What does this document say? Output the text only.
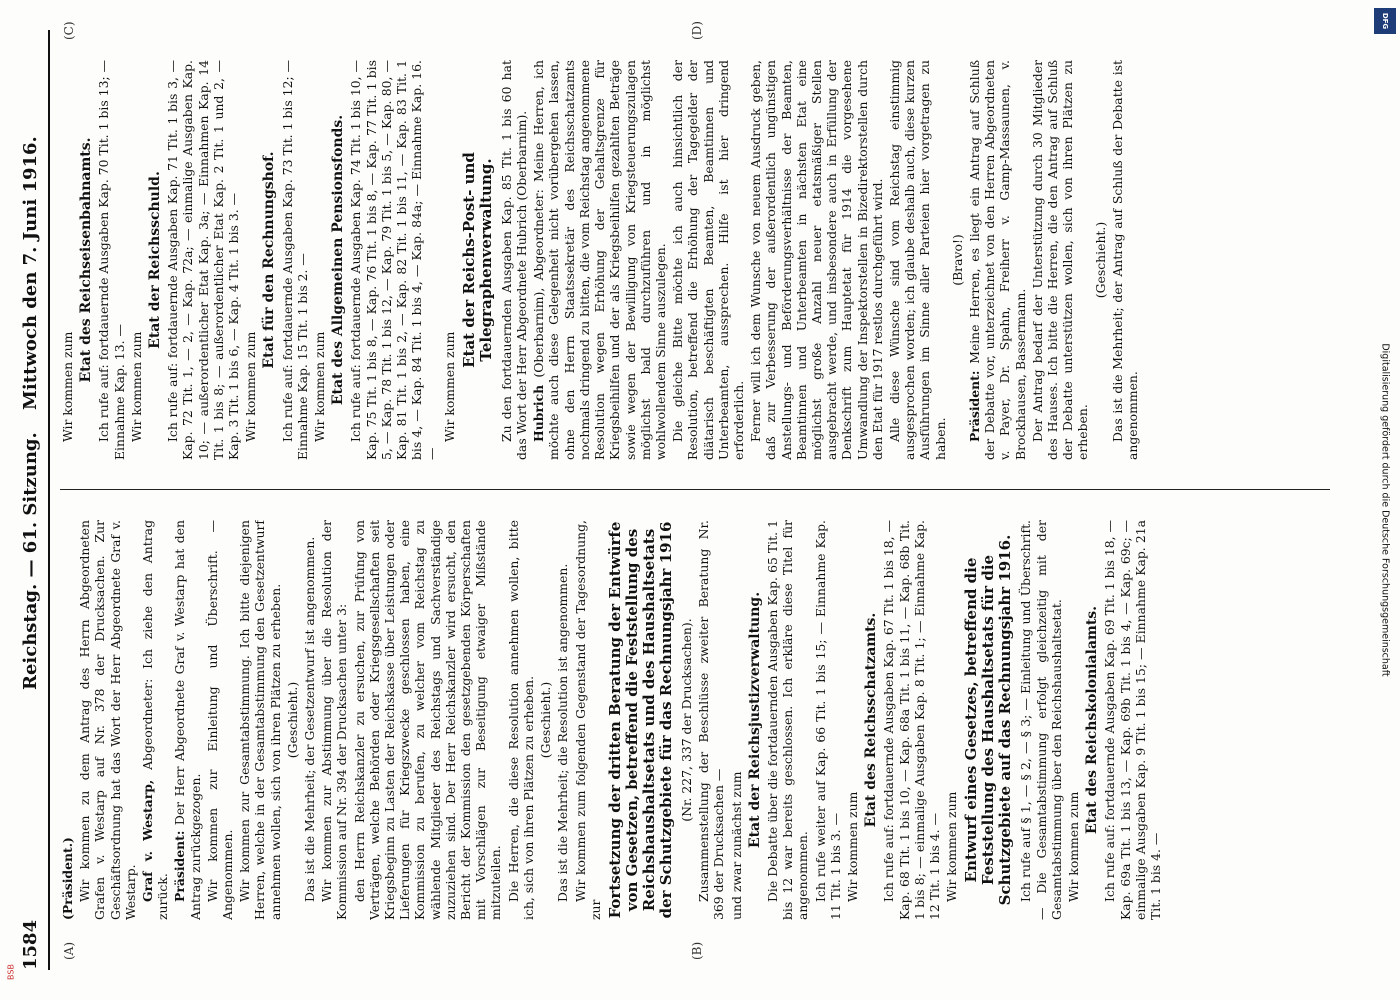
1584
Reichstag. — 61. Sitzung.
Mittwoch den 7. Juni 1916.
(A)	(B)
(C)	(D)

(Präsident.) Wir kommen zu dem Antrag des Herrn Abgeordneten Grafen v. Westarp auf Nr. 378 der Drucksachen. Zur Geschäftsordnung hat das Wort der Herr Abgeordnete Graf v. Westarp. Graf v. Westarp, Abgeordneter: Ich ziehe den Antrag zurück. Präsident: Der Herr Abgeordnete Graf v. Westarp hat den Antrag zurückgezogen. Wir kommen zur Einleitung und Überschrift. — Angenommen. Wir kommen zur Gesamtabstimmung. Ich bitte diejenigen Herren, welche in der Gesamtabstimmung den Gesetzentwurf annehmen wollen, sich von ihren Plätzen zu erheben. (Geschieht.) Das ist die Mehrheit; der Gesetzentwurf ist angenommen. Wir kommen zur Abstimmung über die Resolution der Kommission auf Nr. 394 der Drucksachen unter 3: den Herrn Reichskanzler zu ersuchen, zur Prüfung von Verträgen, welche Behörden oder Kriegsgesellschaften seit Kriegsbeginn zu Lasten der Reichskasse über Leistungen oder Lieferungen für Kriegszwecke geschlossen haben, eine Kommission zu berufen, zu welcher vom Reichstag zu wählende Mitglieder des Reichstags und Sachverständige zuzuziehen sind. Der Herr Reichskanzler wird ersucht, den Bericht der Kommission den gesetzgebenden Körperschaften mit Vorschlägen zur Beseitigung etwaiger Mißstände mitzuteilen. Die Herren, die diese Resolution annehmen wollen, bitte ich, sich von ihren Plätzen zu erheben. (Geschieht.) Das ist die Mehrheit; die Resolution ist angenommen. Wir kommen zum folgenden Gegenstand der Tagesordnung, zur Fortsetzung der dritten Beratung der Entwürfe von Gesetzen, betreffend die Feststellung des Reichshaushaltsetats und des Haushaltsetats der Schutzgebiete für das Rechnungsjahr 1916 (Nr. 227, 337 der Drucksachen). Zusammenstellung der Beschlüsse zweiter Beratung Nr. 369 der Drucksachen — und zwar zunächst zum Etat der Reichsjustizverwaltung. Die Debatte über die fortdauernden Ausgaben Kap. 65 Tit. 1 bis 12 war bereits geschlossen. Ich erkläre diese Titel für angenommen. Ich rufe weiter auf Kap. 66 Tit. 1 bis 15; — Einnahme Kap. 11 Tit. 1 bis 3. — Wir kommen zum

Etat des Reichsschatzamts. Ich rufe auf: fortdauernde Ausgaben Kap. 67 Tit. 1 bis 18, — Kap. 68 Tit. 1 bis 10, — Kap. 68a Tit. 1 bis 11, — Kap. 68b Tit. 1 bis 8; — einmalige Ausgaben Kap. 8 Tit. 1; — Einnahme Kap. 12 Tit. 1 bis 4. — Wir kommen zum Entwurf eines Gesetzes, betreffend die Feststellung des Haushaltsetats für die Schutzgebiete auf das Rechnungsjahr 1916. Ich rufe auf § 1, — § 2, — § 3; — Einleitung und Überschrift. — Die Gesamtabstimmung erfolgt gleichzeitig mit der Gesamtabstimmung über den Reichshaushaltsetat. Wir kommen zum

Etat des Reichskolonialamts. Ich rufe auf: fortdauernde Ausgaben Kap. 69 Tit. 1 bis 18, — Kap. 69a Tit. 1 bis 13, — Kap. 69b Tit. 1 bis 4, — Kap. 69c; — einmalige Ausgaben Kap. 9 Tit. 1 bis 15; — Einnahme Kap. 21a Tit. 1 bis 4. —

Wir kommen zum

Etat des Reichseisenbahnamts. Ich rufe auf: fortdauernde Ausgaben Kap. 70 Tit. 1 bis 13; — Einnahme Kap. 13. — Wir kommen zum

Etat der Reichsschuld. Ich rufe auf: fortdauernde Ausgaben Kap. 71 Tit. 1 bis 3, — Kap. 72 Tit. 1, — 2, — Kap. 72a; — einmalige Ausgaben Kap. 10; — außerordentlicher Etat Kap. 3a; — Einnahmen Kap. 14 Tit. 1 bis 8; — außerordentlicher Etat Kap. 2 Tit. 1 und 2, — Kap. 3 Tit. 1 bis 6, — Kap. 4 Tit. 1 bis 3. — Wir kommen zum

Etat für den Rechnungshof. Ich rufe auf: fortdauernde Ausgaben Kap. 73 Tit. 1 bis 12; — Einnahme Kap. 15 Tit. 1 bis 2. — Wir kommen zum Etat des Allgemeinen Pensionsfonds. Ich rufe auf: fortdauernde Ausgaben Kap. 74 Tit. 1 bis 10, — Kap. 75 Tit. 1 bis 8, — Kap. 76 Tit. 1 bis 8, — Kap. 77 Tit. 1 bis 5, — Kap. 78 Tit. 1 bis 12, — Kap. 79 Tit. 1 bis 5, — Kap. 80, — Kap. 81 Tit. 1 bis 2, — Kap. 82 Tit. 1 bis 11, — Kap. 83 Tit. 1 bis 4, — Kap. 84 Tit. 1 bis 4, — Kap. 84a; — Einnahme Kap. 16. —

Wir kommen zum

Etat der Reichs-Post- und Telegraphenverwaltung. Zu den fortdauernden Ausgaben Kap. 85 Tit. 1 bis 60 hat das Wort der Herr Abgeordnete Hubrich (Oberbarnim). Hubrich (Oberbarnim), Abgeordneter: Meine Herren, ich möchte auch diese Gelegenheit nicht vorübergehen lassen, ohne den Herrn Staatssekretär des Reichsschatzamts nochmals dringend zu bitten, die vom Reichstag angenommene Resolution wegen Erhöhung der Gehaltsgrenze für Kriegsbeihilfen und der als Kriegsbeihilfen gezahlten Beträge sowie wegen der Bewilligung von Kriegsteuerungszulagen möglichst bald durchzuführen und in möglichst wohlwollendem Sinne auszulegen. Die gleiche Bitte möchte ich auch hinsichtlich der Resolution, betreffend die Erhöhung der Tagegelder der diätarisch beschäftigten Beamten, Beamtinnen und Unterbeamten, aussprechen. Hilfe ist hier dringend erforderlich. Ferner will ich dem Wunsche von neuem Ausdruck geben, daß zur Verbesserung der außerordentlich ungünstigen Anstellungs- und Beförderungsverhältnisse der Beamten, Beamtinnen und Unterbeamten in nächsten Etat eine möglichst große Anzahl neuer etatsmäßiger Stellen ausgebracht werde, und insbesondere auch in Erfüllung der Denkschrift zum Hauptetat für 1914 die vorgesehene Umwandlung der Inspektorstellen in Bizedirektorstellen durch den Etat für 1917 restlos durchgeführt wird. Alle diese Wünsche sind vom Reichstag einstimmig ausgesprochen worden; ich glaube deshalb auch, diese kurzen Ausführungen im Sinne aller Parteien hier vorgetragen zu haben.

(Bravo!)

Präsident: Meine Herren, es liegt ein Antrag auf Schluß der Debatte vor, unterzeichnet von den Herren Abgeordneten v. Payer, Dr. Spahn, Freiherr v. Gamp-Massaunen, v. Brockhausen, Bassermann. Der Antrag bedarf der Unterstützung durch 30 Mitglieder des Hauses. Ich bitte die Herren, die den Antrag auf Schluß der Debatte unterstützen wollen, sich von ihren Plätzen zu erheben.

(Geschieht.) Das ist die Mehrheit; der Antrag auf Schluß der Debatte ist angenommen.

DFG
Digitalisierung gefördert durch die Deutsche Forschungsgemeinschaft
BSB
